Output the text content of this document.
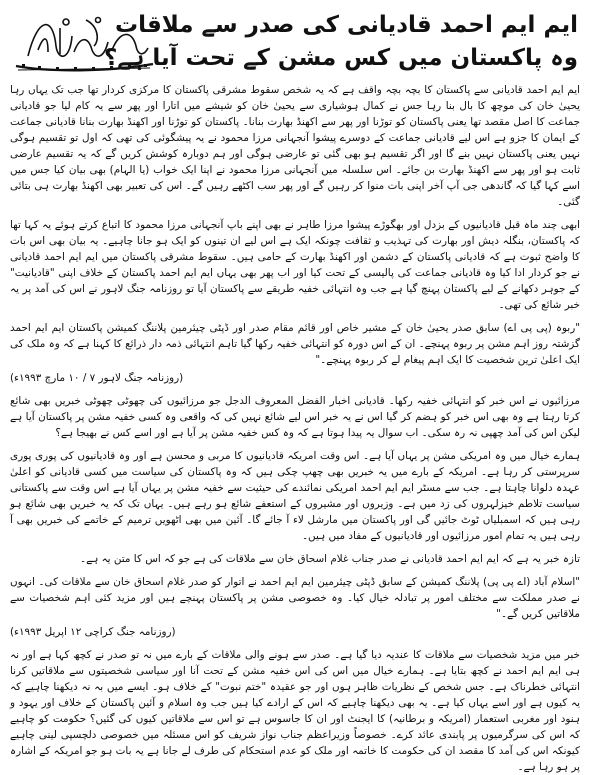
ایم ایم احمد قادیانی کی صدر سے ملاقات
وہ پاکستان میں کس مشن کے تحت آیا ہے؟

ایم ایم احمد قادیانی سے پاکستان کا بچہ بچہ واقف ہے کہ یہ شخص سقوط مشرقی پاکستان کا مرکزی کردار تھا جب تک یہاں رہا یحییٰ خان کی موچھ کا بال بنا رہا جس نے کمال ہوشیاری سے یحییٰ خان کو شیشے میں اتارا اور پھر سے یہ کام لیا جو قادیانی جماعت کا اصل مقصد تھا یعنی پاکستان کو توڑنا اور پھر سے اکھنڈ بھارت بنانا۔ پاکستان کو توڑنا اور اکھنڈ بھارت بنانا قادیانی جماعت کے ایمان کا جزو ہے اس لیے قادیانی جماعت کے دوسرے پیشوا آنجہانی مرزا محمود نے یہ پیشگوئی کی تھی کہ اول تو تقسیم ہوگی نہیں یعنی پاکستان نہیں بنے گا اور اگر تقسیم ہو بھی گئی تو عارضی ہوگی اور ہم دوبارہ کوشش کریں گے کہ یہ تقسیم عارضی ثابت ہو اور پھر سے اکھنڈ بھارت بن جائے۔ اس سلسلہ میں آنجہانی مرزا محمود نے اپنا ایک خواب (یا الہام) بھی بیان کیا جس میں اسے کہا گیا کہ گاندھی جی آپ آخر اپنی بات منوا کر رہیں گے اور پھر سب اکٹھے رہیں گے۔ اس کی تعبیر بھی اکھنڈ بھارت ہی بتائی گئی۔

ابھی چند ماہ قبل قادیانیوں کے بزدل اور بھگوڑے پیشوا مرزا طاہر نے بھی اپنے باپ آنجہانی مرزا محمود کا اتباع کرتے ہوئے یہ کہا تھا کہ پاکستان، بنگلہ دیش اور بھارت کی تہذیب و ثقافت چونکہ ایک ہے اس لیے ان تینوں کو ایک ہو جانا چاہیے۔ یہ بیان بھی اس بات کا واضح ثبوت ہے کہ قادیانی پاکستان کے دشمن اور اکھنڈ بھارت کے حامی ہیں۔ سقوط مشرقی پاکستان میں ایم ایم احمد قادیانی نے جو کردار ادا کیا وہ قادیانی جماعت کی پالیسی کے تحت کیا اور اب پھر بھی یہاں ایم ایم احمد پاکستان کے خلاف اپنی "قادیانیت" کے جوہر دکھانے کے لیے پاکستان پہنچ گیا ہے جب وہ انتہائی خفیہ طریقے سے پاکستان آیا تو روزنامہ جنگ لاہور نے اس کی آمد پر یہ خبر شائع کی تھی۔

"ربوہ (پی پی اے) سابق صدر یحییٰ خان کے مشیر خاص اور قائم مقام صدر اور ڈپٹی چیئرمین پلاننگ کمیشن پاکستان ایم ایم احمد گزشتہ روز اہم مشن پر ربوہ پہنچے۔ ان کے اس دورہ کو انتہائی خفیہ رکھا گیا تاہم انتہائی ذمہ دار ذرائع کا کہنا ہے کہ وہ ملک کی ایک اعلیٰ ترین شخصیت کا ایک اہم پیغام لے کر ربوہ پہنچے۔"

(روزنامہ جنگ لاہور ۷ / ۱۰ مارچ ۱۹۹۳ء)

مرزائیوں نے اس خبر کو انتہائی خفیہ رکھا۔ قادیانی اخبار الفضل المعروف الدجل جو مرزائیوں کی چھوٹی چھوٹی خبریں بھی شائع کرتا رہتا ہے وہ بھی اس خبر کو ہضم کر گیا اس نے یہ خبر اس لیے شائع نہیں کی کہ واقعی وہ کسی خفیہ مشن پر پاکستان آیا ہے لیکن اس کی آمد چھپی نہ رہ سکی۔ اب سوال یہ پیدا ہوتا ہے کہ وہ کس خفیہ مشن پر آیا ہے اور اسے کس نے بھیجا ہے؟

ہمارے خیال میں وہ امریکی مشن پر یہاں آیا ہے۔ اس وقت امریکہ قادیانیوں کا مربی و محسن ہے اور وہ قادیانیوں کی پوری پوری سرپرستی کر رہا ہے۔ امریکہ کے بارے میں یہ خبریں بھی چھپ چکی ہیں کہ وہ پاکستان کی سیاست میں کسی قادیانی کو اعلیٰ عہدہ دلوانا چاہتا ہے۔ جب سے مسٹر ایم ایم احمد امریکی نمائندے کی حیثیت سے خفیہ مشن پر یہاں آیا ہے اس وقت سے پاکستانی سیاست تلاطم خیزلہروں کی زد میں ہے۔ وزیروں اور مشیروں کے استعفے شائع ہو رہے ہیں۔ یہاں تک کہ یہ خبریں بھی شائع ہو رہی ہیں کہ اسمبلیاں ٹوٹ جائیں گی اور پاکستان میں مارشل لاء آ جائے گا۔ آئین میں بھی اٹھویں ترمیم کے خاتمے کی خبریں بھی آ رہی ہیں یہ تمام امور مرزائیوں اور قادیانیوں کے مفاد میں ہیں۔

تازہ خبر یہ ہے کہ ایم ایم احمد قادیانی نے صدر جناب غلام اسحاق خان سے ملاقات کی ہے جو کہ اس کا متن یہ ہے۔

"اسلام آباد (اے پی پی) پلاننگ کمیشن کے سابق ڈپٹی چیئرمین ایم ایم احمد نے اتوار کو صدر غلام اسحاق خان سے ملاقات کی۔ انہوں نے صدر مملکت سے مختلف امور پر تبادلہ خیال کیا۔ وہ خصوصی مشن پر پاکستان پہنچے ہیں اور مزید کئی اہم شخصیات سے ملاقاتیں کریں گے۔"

(روزنامہ جنگ کراچی ۱۲ اپریل ۱۹۹۳ء)

خبر میں مزید شخصیات سے ملاقات کا عندیہ دیا گیا ہے۔ صدر سے ہونے والی ملاقات کے بارے میں نہ تو صدر نے کچھ کہا ہے اور نہ ہی ایم ایم احمد نے کچھ بتایا ہے۔ ہمارے خیال میں اس کی اس خفیہ مشن کے تحت آنا اور سیاسی شخصیتوں سے ملاقاتیں کرنا انتہائی خطرناک ہے۔ جس شخص کے نظریات ظاہر ہوں اور جو عقیدہ "ختم نبوت" کے خلاف ہو۔ ایسے میں بہ نہ دیکھنا چاہیے کہ یہ کیوں ہے اور اسے یہاں کیا ہے۔ یہ بھی دیکھنا چاہیے کہ اس کے ارادے کیا ہیں جب وہ اسلام و آئین پاکستان کے خلاف اور یہود و ہنود اور مغربی استعمار (امریکہ و برطانیہ) کا ایجنٹ اور ان کا جاسوس ہے تو اس سے ملاقاتیں کیوں کی گئیں؟ حکومت کو چاہیے کہ اس کی سرگرمیوں پر پابندی عائد کرے۔ خصوصاً وزیراعظم جناب نواز شریف کو اس مسئلہ میں خصوصی دلچسپی لینی چاہیے کیونکہ اس کی آمد کا مقصد ان کی حکومت کا خاتمہ اور ملک کو عدم استحکام کی طرف لے جانا ہے یہ بات ہو جو امریکہ کے اشارہ پر ہو رہا ہے۔
